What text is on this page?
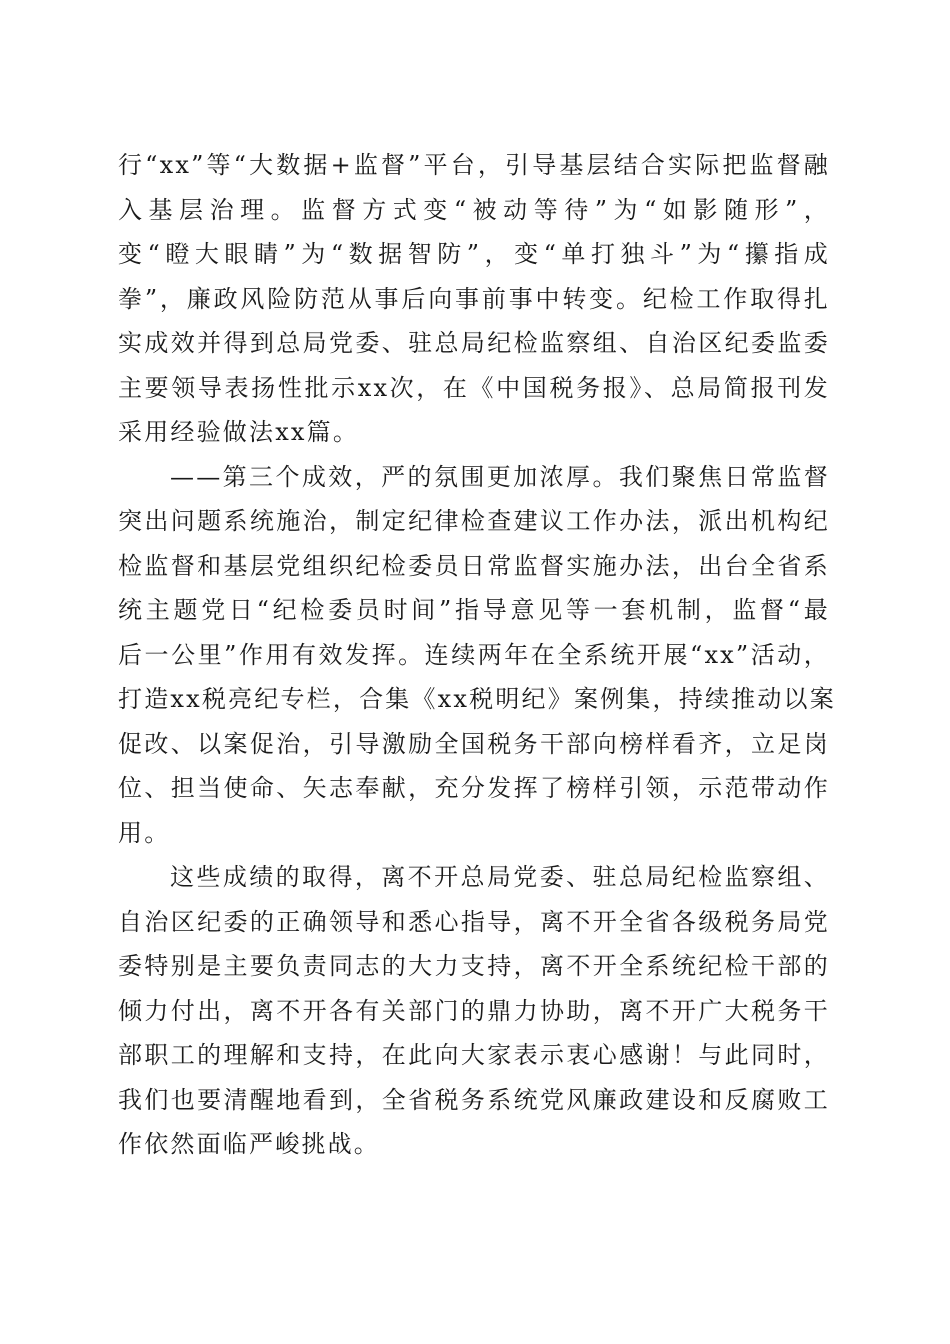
行“xx”等“大数据+监督”平台，引导基层结合实际把监督融
入基层治理。监督方式变“被动等待”为“如影随形”，
变“瞪大眼睛”为“数据智防”，变“单打独斗”为“攥指成
拳”，廉政风险防范从事后向事前事中转变。纪检工作取得扎
实成效并得到总局党委、驻总局纪检监察组、自治区纪委监委
主要领导表扬性批示xx次，在《中国税务报》、总局简报刊发
采用经验做法xx篇。
——第三个成效，严的氛围更加浓厚。我们聚焦日常监督
突出问题系统施治，制定纪律检查建议工作办法，派出机构纪
检监督和基层党组织纪检委员日常监督实施办法，出台全省系
统主题党日“纪检委员时间”指导意见等一套机制，监督“最
后一公里”作用有效发挥。连续两年在全系统开展“xx”活动，
打造xx税亮纪专栏，合集《xx税明纪》案例集，持续推动以案
促改、以案促治，引导激励全国税务干部向榜样看齐，立足岗
位、担当使命、矢志奉献，充分发挥了榜样引领，示范带动作
用。
这些成绩的取得，离不开总局党委、驻总局纪检监察组、
自治区纪委的正确领导和悉心指导，离不开全省各级税务局党
委特别是主要负责同志的大力支持，离不开全系统纪检干部的
倾力付出，离不开各有关部门的鼎力协助，离不开广大税务干
部职工的理解和支持，在此向大家表示衷心感谢！与此同时，
我们也要清醒地看到，全省税务系统党风廉政建设和反腐败工
作依然面临严峻挑战。
